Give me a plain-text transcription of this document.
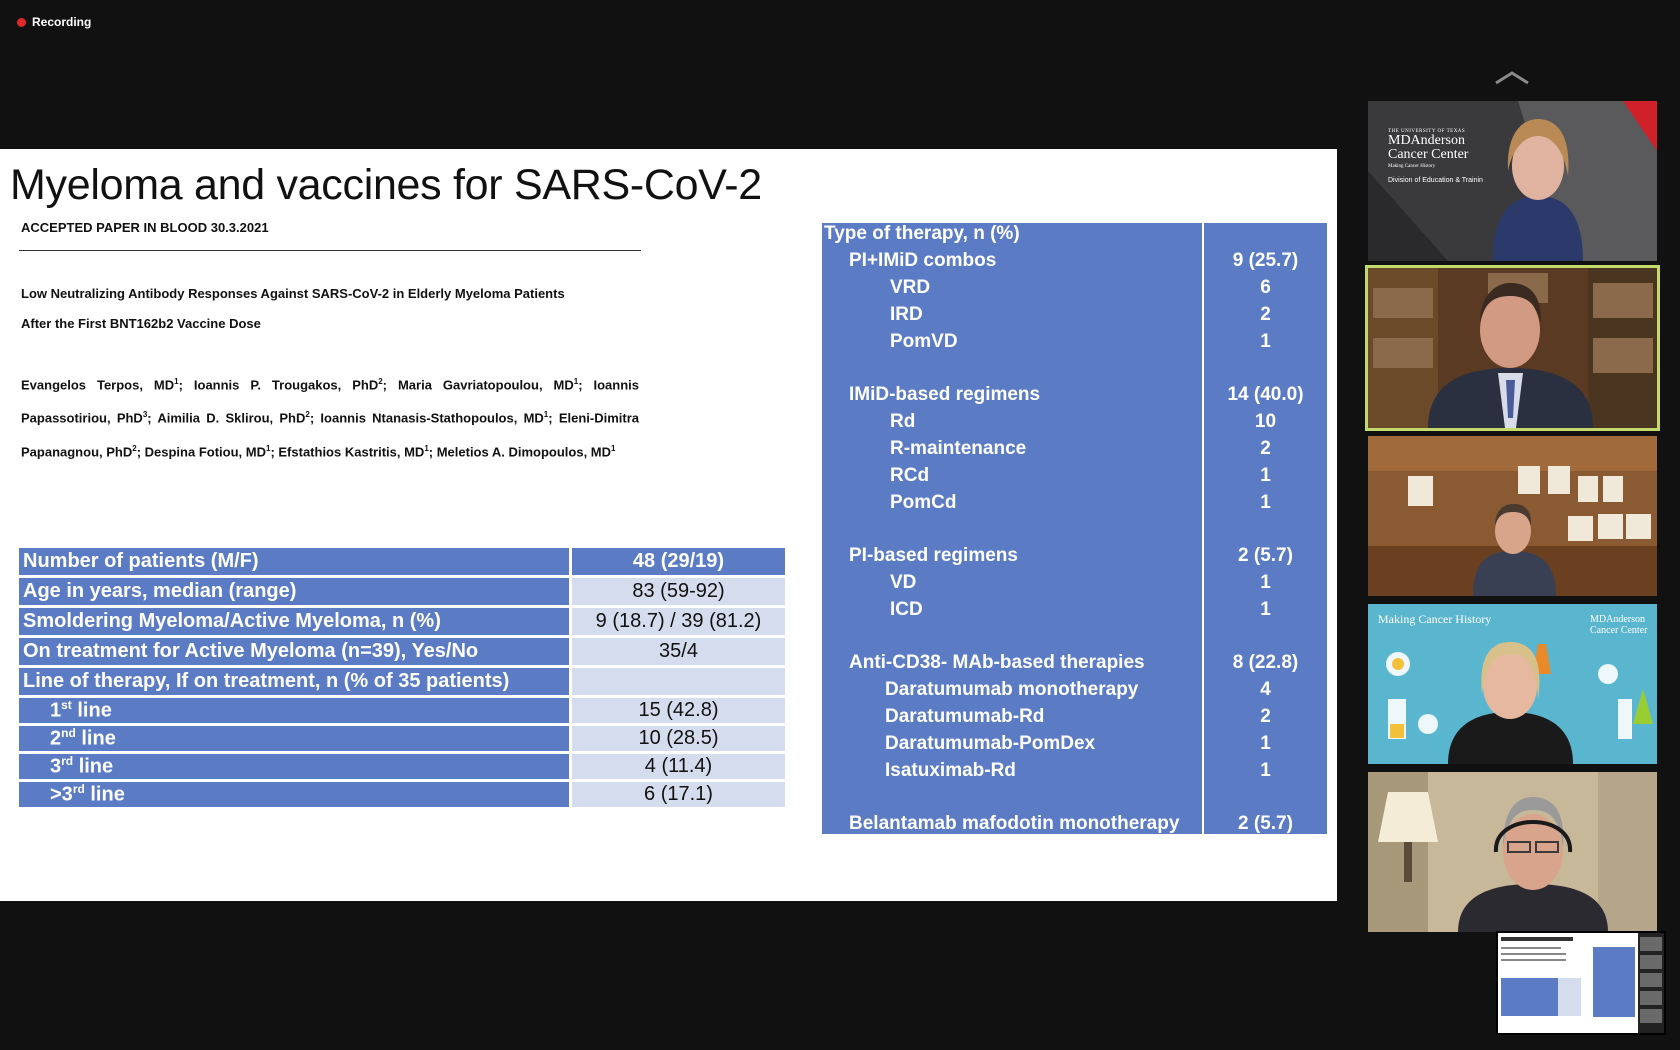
Recording
Myeloma and vaccines for SARS-CoV-2
ACCEPTED PAPER IN BLOOD 30.3.2021
Low Neutralizing Antibody Responses Against SARS-CoV-2 in Elderly Myeloma Patients
After the First BNT162b2 Vaccine Dose
Evangelos Terpos, $MD^1$; Ioannis P. Trougakos, PhD$^2$; Maria Gavriatopoulou, $MD^1$; Ioannis Papassotiriou, PhD$^3$; Aimilia D. Sklirou, PhD$^2$; Ioannis Ntanasis-Stathopoulos, $MD^1$; Eleni-Dimitra Papanagnou, PhD$^2$; Despina Fotiou, $MD^1$; Efstathios Kastritis, $MD^1$; Meletios A. Dimopoulos, $MD^1$
Number of patients (M/F)	48 (29/19)
Age in years, median (range)	83 (59-92)
Smoldering Myeloma/Active Myeloma, n (%)	9 (18.7) / 39 (81.2)
On treatment for Active Myeloma (n=39), Yes/No	35/4
Line of therapy, If on treatment, n (% of 35 patients)	
1st line	15 (42.8)
2nd line	10 (28.5)
3rd line	4 (11.4)
>3rd line	6 (17.1)
Type of therapy, n (%)
PI+IMiD combos	9 (25.7)
VRD	6
IRD	2
PomVD	1
IMiD-based regimens	14 (40.0)
Rd	10
R-maintenance	2
RCd	1
PomCd	1
PI-based regimens	2 (5.7)
VD	1
ICD	1
Anti-CD38- MAb-based therapies	8 (22.8)
Daratumumab monotherapy	4
Daratumumab-Rd	2
Daratumumab-PomDex	1
Isatuximab-Rd	1
Belantamab mafodotin monotherapy	2 (5.7)
THE UNIVERSITY OF TEXAS
MDAnderson
Cancer Center
Making Cancer History
Division of Education & Trainin
Making Cancer History	MDAnderson
Cancer Center
